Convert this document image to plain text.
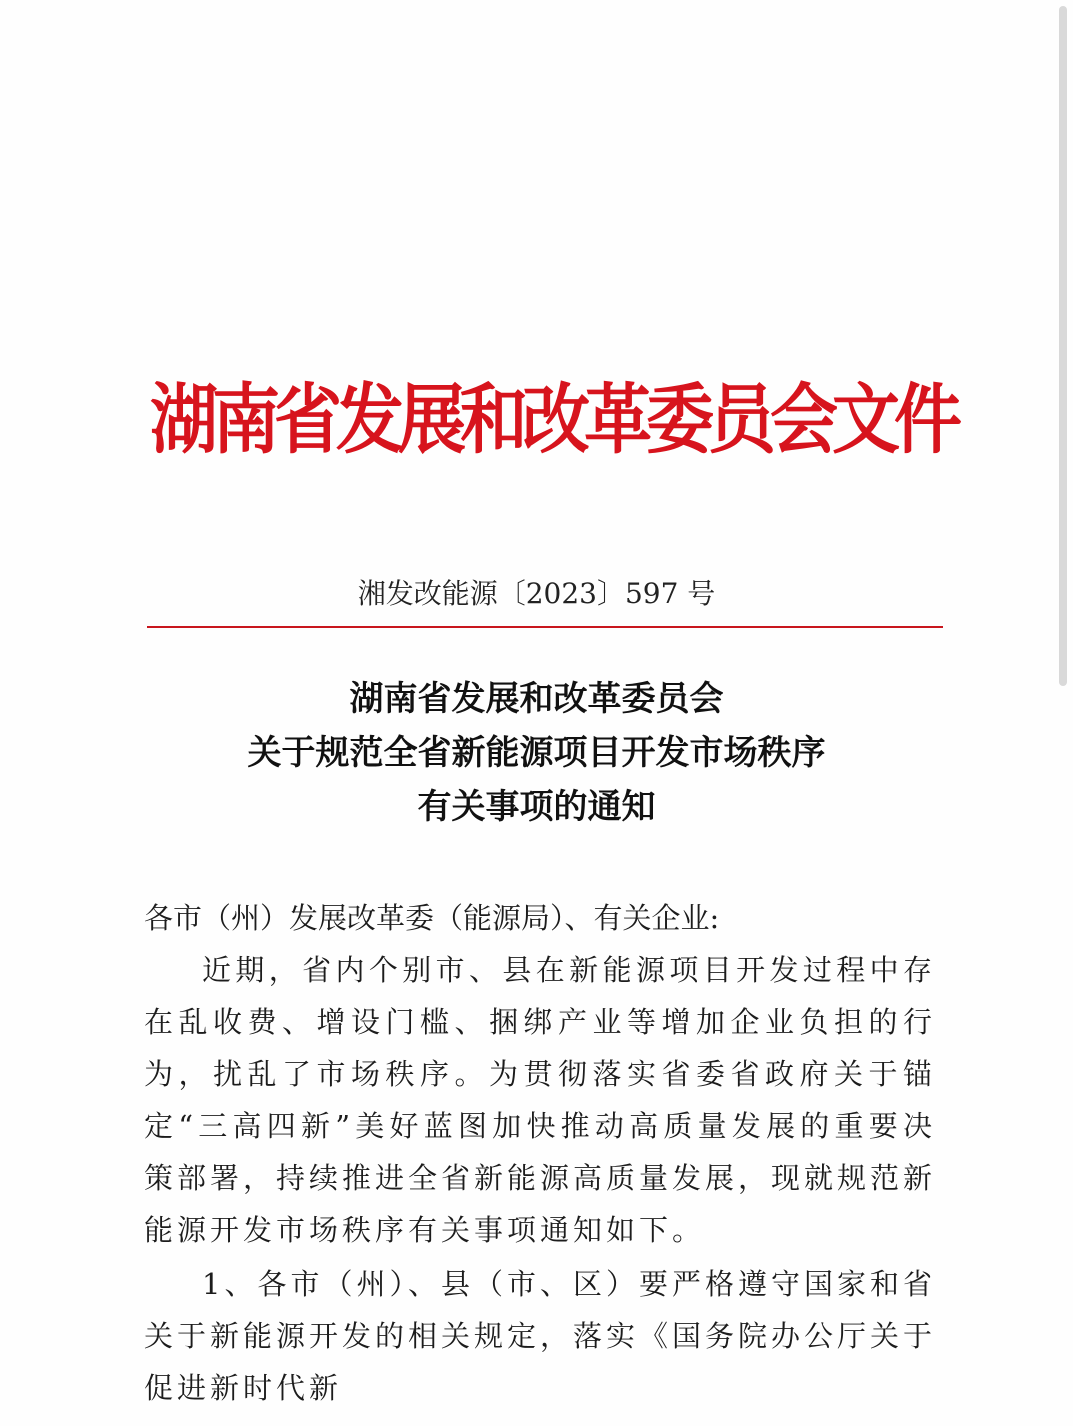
湖南省发展和改革委员会文件
湘发改能源〔2023〕597 号
湖南省发展和改革委员会
关于规范全省新能源项目开发市场秩序
有关事项的通知
各市（州）发展改革委（能源局）、有关企业:

近期，省内个别市、县在新能源项目开发过程中存在乱收费、增设门槛、捆绑产业等增加企业负担的行为，扰乱了市场秩序。为贯彻落实省委省政府关于锚定“三高四新”美好蓝图加快推动高质量发展的重要决策部署，持续推进全省新能源高质量发展，现就规范新能源开发市场秩序有关事项通知如下。

1、各市（州）、县（市、区）要严格遵守国家和省关于新能源开发的相关规定，落实《国务院办公厅关于促进新时代新
